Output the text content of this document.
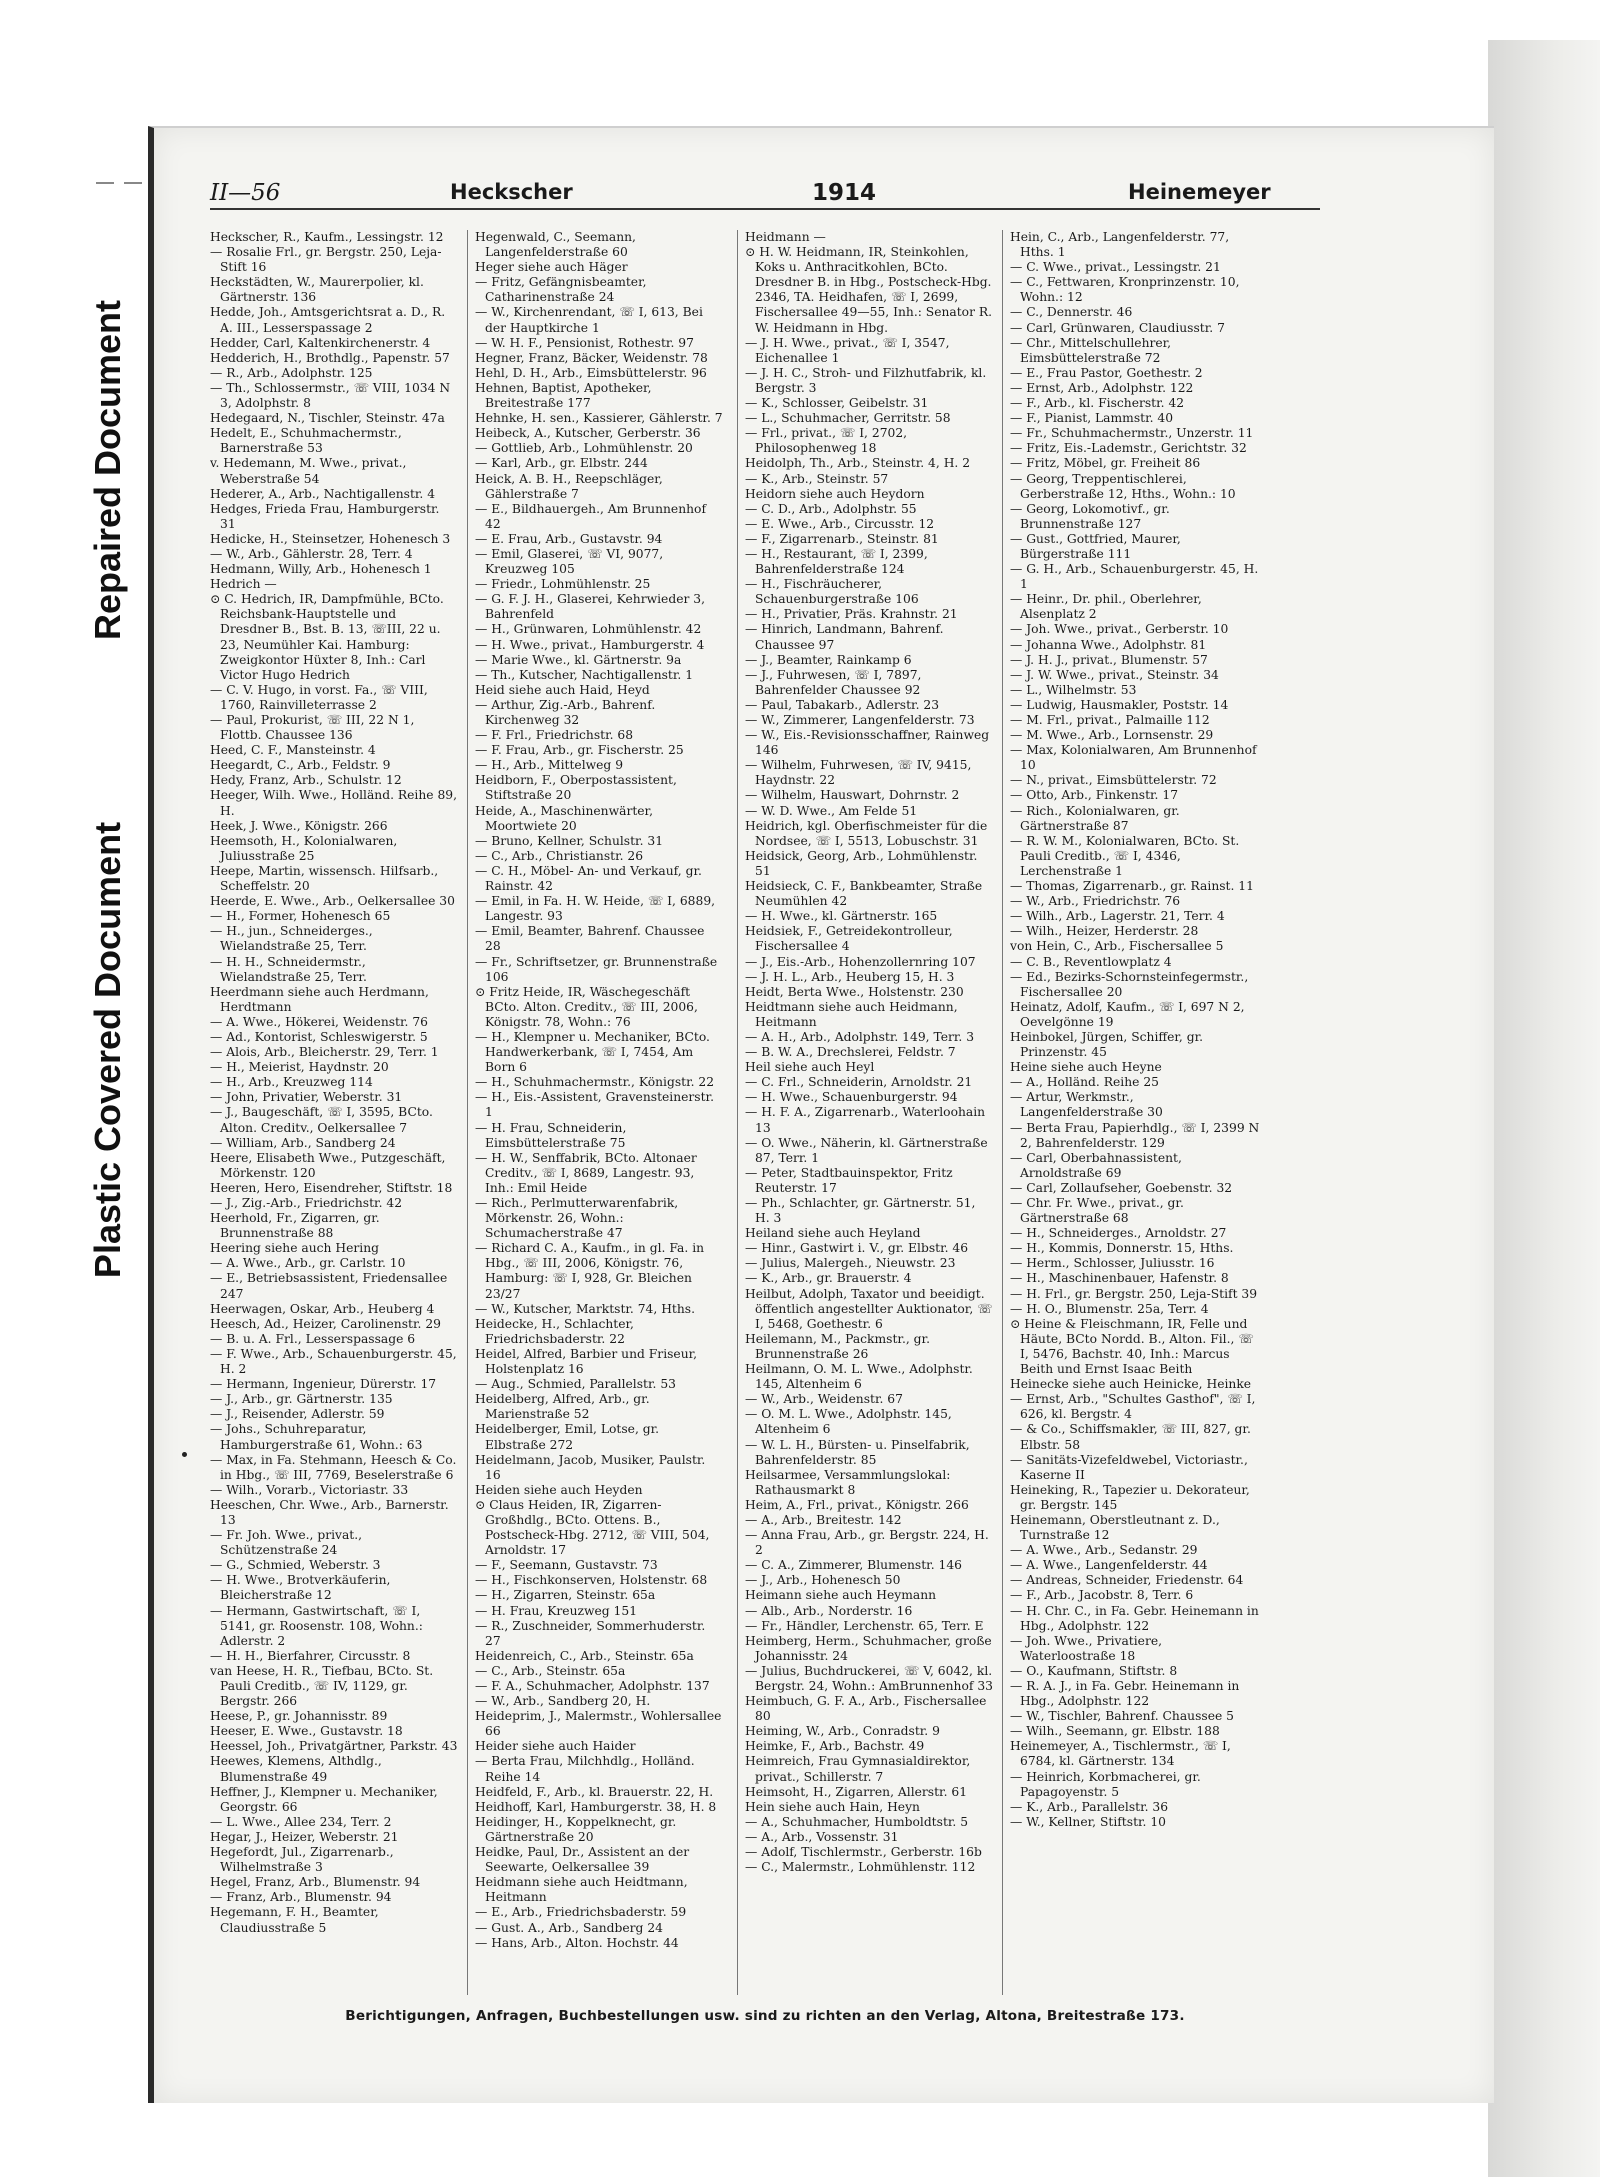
Repaired Document
Plastic Covered Document
II—56	Heckscher	1914	Heinemeyer

Heckscher, R., Kaufm., Lessingstr. 12

— Rosalie Frl., gr. Bergstr. 250, Leja-Stift 16

Heckstädten, W., Maurerpolier, kl. Gärtnerstr. 136

Hedde, Joh., Amtsgerichtsrat a. D., R. A. III., Lesserspassage 2

Hedder, Carl, Kaltenkirchenerstr. 4

Hedderich, H., Brothdlg., Papenstr. 57

— R., Arb., Adolphstr. 125

— Th., Schlossermstr., ☏ VIII, 1034 N 3, Adolphstr. 8

Hedegaard, N., Tischler, Steinstr. 47a

Hedelt, E., Schuhmachermstr., Barnerstraße 53

v. Hedemann, M. Wwe., privat., Weberstraße 54

Hederer, A., Arb., Nachtigallenstr. 4

Hedges, Frieda Frau, Hamburgerstr. 31

Hedicke, H., Steinsetzer, Hohenesch 3

— W., Arb., Gählerstr. 28, Terr. 4

Hedmann, Willy, Arb., Hohenesch 1

Hedrich —

⊙ C. Hedrich, IR, Dampfmühle, BCto. Reichsbank-Hauptstelle und Dresdner B., Bst. B. 13, ☏III, 22 u. 23, Neumühler Kai. Hamburg: Zweigkontor Hüxter 8, Inh.: Carl Victor Hugo Hedrich

— C. V. Hugo, in vorst. Fa., ☏ VIII, 1760, Rainvilleterrasse 2

— Paul, Prokurist, ☏ III, 22 N 1, Flottb. Chaussee 136

Heed, C. F., Mansteinstr. 4

Heegardt, C., Arb., Feldstr. 9

Hedy, Franz, Arb., Schulstr. 12

Heeger, Wilh. Wwe., Holländ. Reihe 89, H.

Heek, J. Wwe., Königstr. 266

Heemsoth, H., Kolonialwaren, Juliusstraße 25

Heepe, Martin, wissensch. Hilfsarb., Scheffelstr. 20

Heerde, E. Wwe., Arb., Oelkersallee 30

— H., Former, Hohenesch 65

— H., jun., Schneiderges., Wielandstraße 25, Terr.

— H. H., Schneidermstr., Wielandstraße 25, Terr.

Heerdmann siehe auch Herdmann, Herdtmann

— A. Wwe., Hökerei, Weidenstr. 76

— Ad., Kontorist, Schleswigerstr. 5

— Alois, Arb., Bleicherstr. 29, Terr. 1

— H., Meierist, Haydnstr. 20

— H., Arb., Kreuzweg 114

— John, Privatier, Weberstr. 31

— J., Baugeschäft, ☏ I, 3595, BCto. Alton. Creditv., Oelkersallee 7

— William, Arb., Sandberg 24

Heere, Elisabeth Wwe., Putzgeschäft, Mörkenstr. 120

Heeren, Hero, Eisendreher, Stiftstr. 18

— J., Zig.-Arb., Friedrichstr. 42

Heerhold, Fr., Zigarren, gr. Brunnenstraße 88

Heering siehe auch Hering

— A. Wwe., Arb., gr. Carlstr. 10

— E., Betriebsassistent, Friedensallee 247

Heerwagen, Oskar, Arb., Heuberg 4

Heesch, Ad., Heizer, Carolinenstr. 29

— B. u. A. Frl., Lesserspassage 6

— F. Wwe., Arb., Schauenburgerstr. 45, H. 2

— Hermann, Ingenieur, Dürerstr. 17

— J., Arb., gr. Gärtnerstr. 135

— J., Reisender, Adlerstr. 59

— Johs., Schuhreparatur, Hamburgerstraße 61, Wohn.: 63

— Max, in Fa. Stehmann, Heesch & Co. in Hbg., ☏ III, 7769, Beselerstraße 6

— Wilh., Vorarb., Victoriastr. 33

Heeschen, Chr. Wwe., Arb., Barnerstr. 13

— Fr. Joh. Wwe., privat., Schützenstraße 24

— G., Schmied, Weberstr. 3

— H. Wwe., Brotverkäuferin, Bleicherstraße 12

— Hermann, Gastwirtschaft, ☏ I, 5141, gr. Roosenstr. 108, Wohn.: Adlerstr. 2

— H. H., Bierfahrer, Circusstr. 8

van Heese, H. R., Tiefbau, BCto. St. Pauli Creditb., ☏ IV, 1129, gr. Bergstr. 266

Heese, P., gr. Johannisstr. 89

Heeser, E. Wwe., Gustavstr. 18

Heessel, Joh., Privatgärtner, Parkstr. 43

Heewes, Klemens, Althdlg., Blumenstraße 49

Heffner, J., Klempner u. Mechaniker, Georgstr. 66

— L. Wwe., Allee 234, Terr. 2

Hegar, J., Heizer, Weberstr. 21

Hegefordt, Jul., Zigarrenarb., Wilhelmstraße 3

Hegel, Franz, Arb., Blumenstr. 94

— Franz, Arb., Blumenstr. 94

Hegemann, F. H., Beamter, Claudiusstraße 5

Hegenwald, C., Seemann, Langenfelderstraße 60

Heger siehe auch Häger

— Fritz, Gefängnisbeamter, Catharinenstraße 24

— W., Kirchenrendant, ☏ I, 613, Bei der Hauptkirche 1

— W. H. F., Pensionist, Rothestr. 97

Hegner, Franz, Bäcker, Weidenstr. 78

Hehl, D. H., Arb., Eimsbüttelerstr. 96

Hehnen, Baptist, Apotheker, Breitestraße 177

Hehnke, H. sen., Kassierer, Gählerstr. 7

Heibeck, A., Kutscher, Gerberstr. 36

— Gottlieb, Arb., Lohmühlenstr. 20

— Karl, Arb., gr. Elbstr. 244

Heick, A. B. H., Reepschläger, Gählerstraße 7

— E., Bildhauergeh., Am Brunnenhof 42

— E. Frau, Arb., Gustavstr. 94

— Emil, Glaserei, ☏ VI, 9077, Kreuzweg 105

— Friedr., Lohmühlenstr. 25

— G. F. J. H., Glaserei, Kehrwieder 3, Bahrenfeld

— H., Grünwaren, Lohmühlenstr. 42

— H. Wwe., privat., Hamburgerstr. 4

— Marie Wwe., kl. Gärtnerstr. 9a

— Th., Kutscher, Nachtigallenstr. 1

Heid siehe auch Haid, Heyd

— Arthur, Zig.-Arb., Bahrenf. Kirchenweg 32

— F. Frl., Friedrichstr. 68

— F. Frau, Arb., gr. Fischerstr. 25

— H., Arb., Mittelweg 9

Heidborn, F., Oberpostassistent, Stiftstraße 20

Heide, A., Maschinenwärter, Moortwiete 20

— Bruno, Kellner, Schulstr. 31

— C., Arb., Christianstr. 26

— C. H., Möbel- An- und Verkauf, gr. Rainstr. 42

— Emil, in Fa. H. W. Heide, ☏ I, 6889, Langestr. 93

— Emil, Beamter, Bahrenf. Chaussee 28

— Fr., Schriftsetzer, gr. Brunnenstraße 106

⊙ Fritz Heide, IR, Wäschegeschäft BCto. Alton. Creditv., ☏ III, 2006, Königstr. 78, Wohn.: 76

— H., Klempner u. Mechaniker, BCto. Handwerkerbank, ☏ I, 7454, Am Born 6

— H., Schuhmachermstr., Königstr. 22

— H., Eis.-Assistent, Gravensteinerstr. 1

— H. Frau, Schneiderin, Eimsbüttelerstraße 75

— H. W., Senffabrik, BCto. Altonaer Creditv., ☏ I, 8689, Langestr. 93, Inh.: Emil Heide

— Rich., Perlmutterwarenfabrik, Mörkenstr. 26, Wohn.: Schumacherstraße 47

— Richard C. A., Kaufm., in gl. Fa. in Hbg., ☏ III, 2006, Königstr. 76, Hamburg: ☏ I, 928, Gr. Bleichen 23/27

— W., Kutscher, Marktstr. 74, Hths.

Heidecke, H., Schlachter, Friedrichsbaderstr. 22

Heidel, Alfred, Barbier und Friseur, Holstenplatz 16

— Aug., Schmied, Parallelstr. 53

Heidelberg, Alfred, Arb., gr. Marienstraße 52

Heidelberger, Emil, Lotse, gr. Elbstraße 272

Heidelmann, Jacob, Musiker, Paulstr. 16

Heiden siehe auch Heyden

⊙ Claus Heiden, IR, Zigarren-Großhdlg., BCto. Ottens. B., Postscheck-Hbg. 2712, ☏ VIII, 504, Arnoldstr. 17

— F., Seemann, Gustavstr. 73

— H., Fischkonserven, Holstenstr. 68

— H., Zigarren, Steinstr. 65a

— H. Frau, Kreuzweg 151

— R., Zuschneider, Sommerhuderstr. 27

Heidenreich, C., Arb., Steinstr. 65a

— C., Arb., Steinstr. 65a

— F. A., Schuhmacher, Adolphstr. 137

— W., Arb., Sandberg 20, H.

Heideprim, J., Malermstr., Wohlersallee 66

Heider siehe auch Haider

— Berta Frau, Milchhdlg., Holländ. Reihe 14

Heidfeld, F., Arb., kl. Brauerstr. 22, H.

Heidhoff, Karl, Hamburgerstr. 38, H. 8

Heidinger, H., Koppelknecht, gr. Gärtnerstraße 20

Heidke, Paul, Dr., Assistent an der Seewarte, Oelkersallee 39

Heidmann siehe auch Heidtmann, Heitmann

— E., Arb., Friedrichsbaderstr. 59

— Gust. A., Arb., Sandberg 24

— Hans, Arb., Alton. Hochstr. 44

Heidmann —

⊙ H. W. Heidmann, IR, Steinkohlen, Koks u. Anthracitkohlen, BCto. Dresdner B. in Hbg., Postscheck-Hbg. 2346, TA. Heidhafen, ☏ I, 2699, Fischersallee 49—55, Inh.: Senator R. W. Heidmann in Hbg.

— J. H. Wwe., privat., ☏ I, 3547, Eichenallee 1

— J. H. C., Stroh- und Filzhutfabrik, kl. Bergstr. 3

— K., Schlosser, Geibelstr. 31

— L., Schuhmacher, Gerritstr. 58

— Frl., privat., ☏ I, 2702, Philosophenweg 18

Heidolph, Th., Arb., Steinstr. 4, H. 2

— K., Arb., Steinstr. 57

Heidorn siehe auch Heydorn

— C. D., Arb., Adolphstr. 55

— E. Wwe., Arb., Circusstr. 12

— F., Zigarrenarb., Steinstr. 81

— H., Restaurant, ☏ I, 2399, Bahrenfelderstraße 124

— H., Fischräucherer, Schauenburgerstraße 106

— H., Privatier, Präs. Krahnstr. 21

— Hinrich, Landmann, Bahrenf. Chaussee 97

— J., Beamter, Rainkamp 6

— J., Fuhrwesen, ☏ I, 7897, Bahrenfelder Chaussee 92

— Paul, Tabakarb., Adlerstr. 23

— W., Zimmerer, Langenfelderstr. 73

— W., Eis.-Revisionsschaffner, Rainweg 146

— Wilhelm, Fuhrwesen, ☏ IV, 9415, Haydnstr. 22

— Wilhelm, Hauswart, Dohrnstr. 2

— W. D. Wwe., Am Felde 51

Heidrich, kgl. Oberfischmeister für die Nordsee, ☏ I, 5513, Lobuschstr. 31

Heidsick, Georg, Arb., Lohmühlenstr. 51

Heidsieck, C. F., Bankbeamter, Straße Neumühlen 42

— H. Wwe., kl. Gärtnerstr. 165

Heidsiek, F., Getreidekontrolleur, Fischersallee 4

— J., Eis.-Arb., Hohenzollernring 107

— J. H. L., Arb., Heuberg 15, H. 3

Heidt, Berta Wwe., Holstenstr. 230

Heidtmann siehe auch Heidmann, Heitmann

— A. H., Arb., Adolphstr. 149, Terr. 3

— B. W. A., Drechslerei, Feldstr. 7

Heil siehe auch Heyl

— C. Frl., Schneiderin, Arnoldstr. 21

— H. Wwe., Schauenburgerstr. 94

— H. F. A., Zigarrenarb., Waterloohain 13

— O. Wwe., Näherin, kl. Gärtnerstraße 87, Terr. 1

— Peter, Stadtbauinspektor, Fritz Reuterstr. 17

— Ph., Schlachter, gr. Gärtnerstr. 51, H. 3

Heiland siehe auch Heyland

— Hinr., Gastwirt i. V., gr. Elbstr. 46

— Julius, Malergeh., Nieuwstr. 23

— K., Arb., gr. Brauerstr. 4

Heilbut, Adolph, Taxator und beeidigt. öffentlich angestellter Auktionator, ☏ I, 5468, Goethestr. 6

Heilemann, M., Packmstr., gr. Brunnenstraße 26

Heilmann, O. M. L. Wwe., Adolphstr. 145, Altenheim 6

— W., Arb., Weidenstr. 67

— O. M. L. Wwe., Adolphstr. 145, Altenheim 6

— W. L. H., Bürsten- u. Pinselfabrik, Bahrenfelderstr. 85

Heilsarmee, Versammlungslokal: Rathausmarkt 8

Heim, A., Frl., privat., Königstr. 266

— A., Arb., Breitestr. 142

— Anna Frau, Arb., gr. Bergstr. 224, H. 2

— C. A., Zimmerer, Blumenstr. 146

— J., Arb., Hohenesch 50

Heimann siehe auch Heymann

— Alb., Arb., Norderstr. 16

— Fr., Händler, Lerchenstr. 65, Terr. E

Heimberg, Herm., Schuhmacher, große Johannisstr. 24

— Julius, Buchdruckerei, ☏ V, 6042, kl. Bergstr. 24, Wohn.: AmBrunnenhof 33

Heimbuch, G. F. A., Arb., Fischersallee 80

Heiming, W., Arb., Conradstr. 9

Heimke, F., Arb., Bachstr. 49

Heimreich, Frau Gymnasialdirektor, privat., Schillerstr. 7

Heimsoht, H., Zigarren, Allerstr. 61

Hein siehe auch Hain, Heyn

— A., Schuhmacher, Humboldtstr. 5

— A., Arb., Vossenstr. 31

— Adolf, Tischlermstr., Gerberstr. 16b

— C., Malermstr., Lohmühlenstr. 112

Hein, C., Arb., Langenfelderstr. 77, Hths. 1

— C. Wwe., privat., Lessingstr. 21

— C., Fettwaren, Kronprinzenstr. 10, Wohn.: 12

— C., Dennerstr. 46

— Carl, Grünwaren, Claudiusstr. 7

— Chr., Mittelschullehrer, Eimsbüttelerstraße 72

— E., Frau Pastor, Goethestr. 2

— Ernst, Arb., Adolphstr. 122

— F., Arb., kl. Fischerstr. 42

— F., Pianist, Lammstr. 40

— Fr., Schuhmachermstr., Unzerstr. 11

— Fritz, Eis.-Lademstr., Gerichtstr. 32

— Fritz, Möbel, gr. Freiheit 86

— Georg, Treppentischlerei, Gerberstraße 12, Hths., Wohn.: 10

— Georg, Lokomotivf., gr. Brunnenstraße 127

— Gust., Gottfried, Maurer, Bürgerstraße 111

— G. H., Arb., Schauenburgerstr. 45, H. 1

— Heinr., Dr. phil., Oberlehrer, Alsenplatz 2

— Joh. Wwe., privat., Gerberstr. 10

— Johanna Wwe., Adolphstr. 81

— J. H. J., privat., Blumenstr. 57

— J. W. Wwe., privat., Steinstr. 34

— L., Wilhelmstr. 53

— Ludwig, Hausmakler, Poststr. 14

— M. Frl., privat., Palmaille 112

— M. Wwe., Arb., Lornsenstr. 29

— Max, Kolonialwaren, Am Brunnenhof 10

— N., privat., Eimsbüttelerstr. 72

— Otto, Arb., Finkenstr. 17

— Rich., Kolonialwaren, gr. Gärtnerstraße 87

— R. W. M., Kolonialwaren, BCto. St. Pauli Creditb., ☏ I, 4346, Lerchenstraße 1

— Thomas, Zigarrenarb., gr. Rainst. 11

— W., Arb., Friedrichstr. 76

— Wilh., Arb., Lagerstr. 21, Terr. 4

— Wilh., Heizer, Herderstr. 28

von Hein, C., Arb., Fischersallee 5

— C. B., Reventlowplatz 4

— Ed., Bezirks-Schornsteinfegermstr., Fischersallee 20

Heinatz, Adolf, Kaufm., ☏ I, 697 N 2, Oevelgönne 19

Heinbokel, Jürgen, Schiffer, gr. Prinzenstr. 45

Heine siehe auch Heyne

— A., Holländ. Reihe 25

— Artur, Werkmstr., Langenfelderstraße 30

— Berta Frau, Papierhdlg., ☏ I, 2399 N 2, Bahrenfelderstr. 129

— Carl, Oberbahnassistent, Arnoldstraße 69

— Carl, Zollaufseher, Goebenstr. 32

— Chr. Fr. Wwe., privat., gr. Gärtnerstraße 68

— H., Schneiderges., Arnoldstr. 27

— H., Kommis, Donnerstr. 15, Hths.

— Herm., Schlosser, Juliusstr. 16

— H., Maschinenbauer, Hafenstr. 8

— H. Frl., gr. Bergstr. 250, Leja-Stift 39

— H. O., Blumenstr. 25a, Terr. 4

⊙ Heine & Fleischmann, IR, Felle und Häute, BCto Nordd. B., Alton. Fil., ☏ I, 5476, Bachstr. 40, Inh.: Marcus Beith und Ernst Isaac Beith

Heinecke siehe auch Heinicke, Heinke

— Ernst, Arb., "Schultes Gasthof", ☏ I, 626, kl. Bergstr. 4

— & Co., Schiffsmakler, ☏ III, 827, gr. Elbstr. 58

— Sanitäts-Vizefeldwebel, Victoriastr., Kaserne II

Heineking, R., Tapezier u. Dekorateur, gr. Bergstr. 145

Heinemann, Oberstleutnant z. D., Turnstraße 12

— A. Wwe., Arb., Sedanstr. 29

— A. Wwe., Langenfelderstr. 44

— Andreas, Schneider, Friedenstr. 64

— F., Arb., Jacobstr. 8, Terr. 6

— H. Chr. C., in Fa. Gebr. Heinemann in Hbg., Adolphstr. 122

— Joh. Wwe., Privatiere, Waterloostraße 18

— O., Kaufmann, Stiftstr. 8

— R. A. J., in Fa. Gebr. Heinemann in Hbg., Adolphstr. 122

— W., Tischler, Bahrenf. Chaussee 5

— Wilh., Seemann, gr. Elbstr. 188

Heinemeyer, A., Tischlermstr., ☏ I, 6784, kl. Gärtnerstr. 134

— Heinrich, Korbmacherei, gr. Papagoyenstr. 5

— K., Arb., Parallelstr. 36

— W., Kellner, Stiftstr. 10

Berichtigungen, Anfragen, Buchbestellungen usw. sind zu richten an den Verlag, Altona, Breitestraße 173.
